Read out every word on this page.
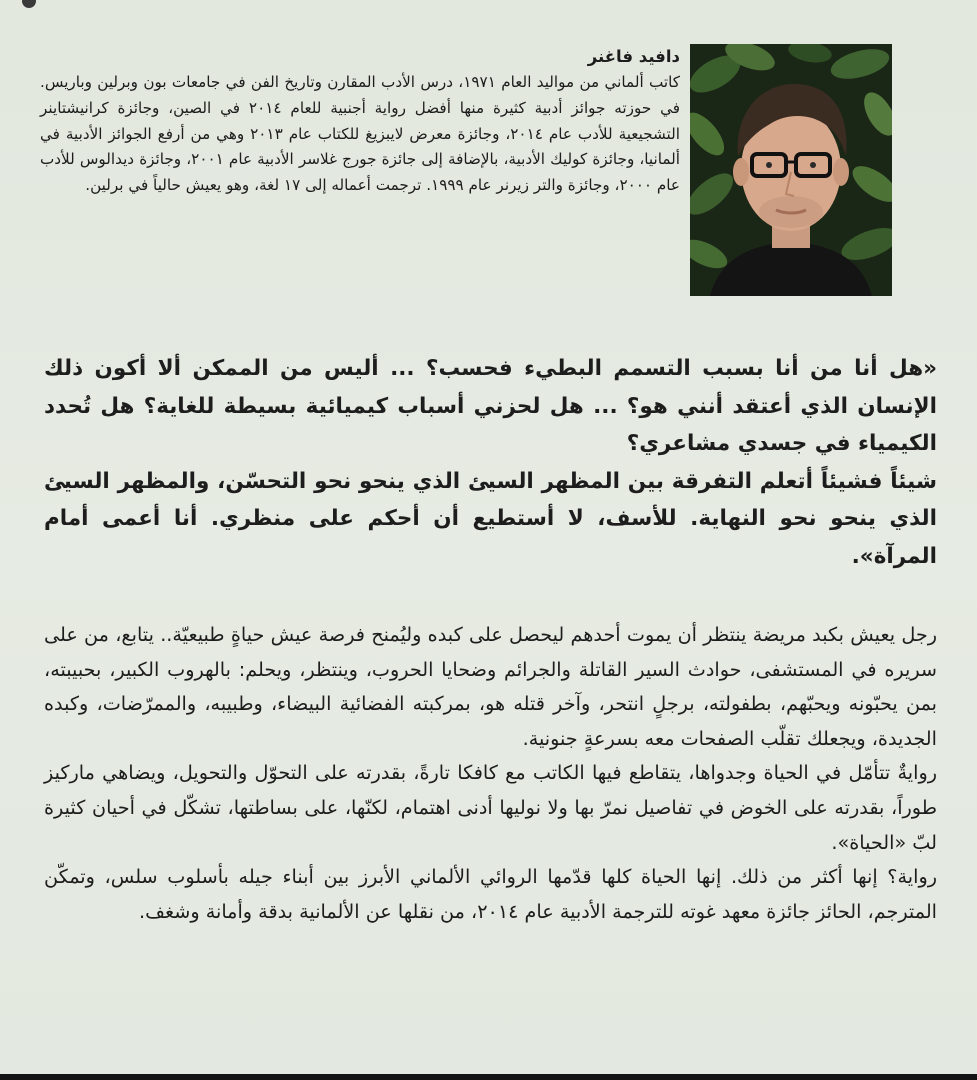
دافيد فاغنر

كاتب ألماني من مواليد العام ١٩٧١، درس الأدب المقارن وتاريخ الفن في جامعات بون وبرلين وباريس. في حوزته جوائز أدبية كثيرة منها أفضل رواية أجنبية للعام ٢٠١٤ في الصين، وجائزة كرانيشتاينر التشجيعية للأدب عام ٢٠١٤، وجائزة معرض لايبزيغ للكتاب عام ٢٠١٣ وهي من أرفع الجوائز الأدبية في ألمانيا، وجائزة كوليك الأدبية، بالإضافة إلى جائزة جورج غلاسر الأدبية عام ٢٠٠١، وجائزة ديدالوس للأدب عام ٢٠٠٠، وجائزة والتر زيرنر عام ١٩٩٩. ترجمت أعماله إلى ١٧ لغة، وهو يعيش حالياً في برلين.

«هل أنا من أنا بسبب التسمم البطيء فحسب؟ ... أليس من الممكن ألا أكون ذلك الإنسان الذي أعتقد أنني هو؟ ... هل لحزني أسباب كيميائية بسيطة للغاية؟ هل تُحدد الكيمياء في جسدي مشاعري؟

شيئاً فشيئاً أتعلم التفرقة بين المظهر السيئ الذي ينحو نحو التحسّن، والمظهر السيئ الذي ينحو نحو النهاية. للأسف، لا أستطيع أن أحكم على منظري. أنا أعمى أمام المرآة».

رجل يعيش بكبد مريضة ينتظر أن يموت أحدهم ليحصل على كبده وليُمنح فرصة عيش حياةٍ طبيعيّة.. يتابع، من على سريره في المستشفى، حوادث السير القاتلة والجرائم وضحايا الحروب، وينتظر، ويحلم: بالهروب الكبير، بحبيبته، بمن يحبّونه ويحبّهم، بطفولته، برجلٍ انتحر، وآخر قتله هو، بمركبته الفضائية البيضاء، وطبيبه، والممرّضات، وكبده الجديدة، ويجعلك تقلّب الصفحات معه بسرعةٍ جنونية.

روايةٌ تتأمّل في الحياة وجدواها، يتقاطع فيها الكاتب مع كافكا تارةً، بقدرته على التحوّل والتحويل، ويضاهي ماركيز طوراً، بقدرته على الخوض في تفاصيل نمرّ بها ولا نوليها أدنى اهتمام، لكنّها، على بساطتها، تشكّل في أحيان كثيرة لبّ «الحياة».

رواية؟ إنها أكثر من ذلك. إنها الحياة كلها قدّمها الروائي الألماني الأبرز بين أبناء جيله بأسلوب سلس، وتمكّن المترجم، الحائز جائزة معهد غوته للترجمة الأدبية عام ٢٠١٤، من نقلها عن الألمانية بدقة وأمانة وشغف.
